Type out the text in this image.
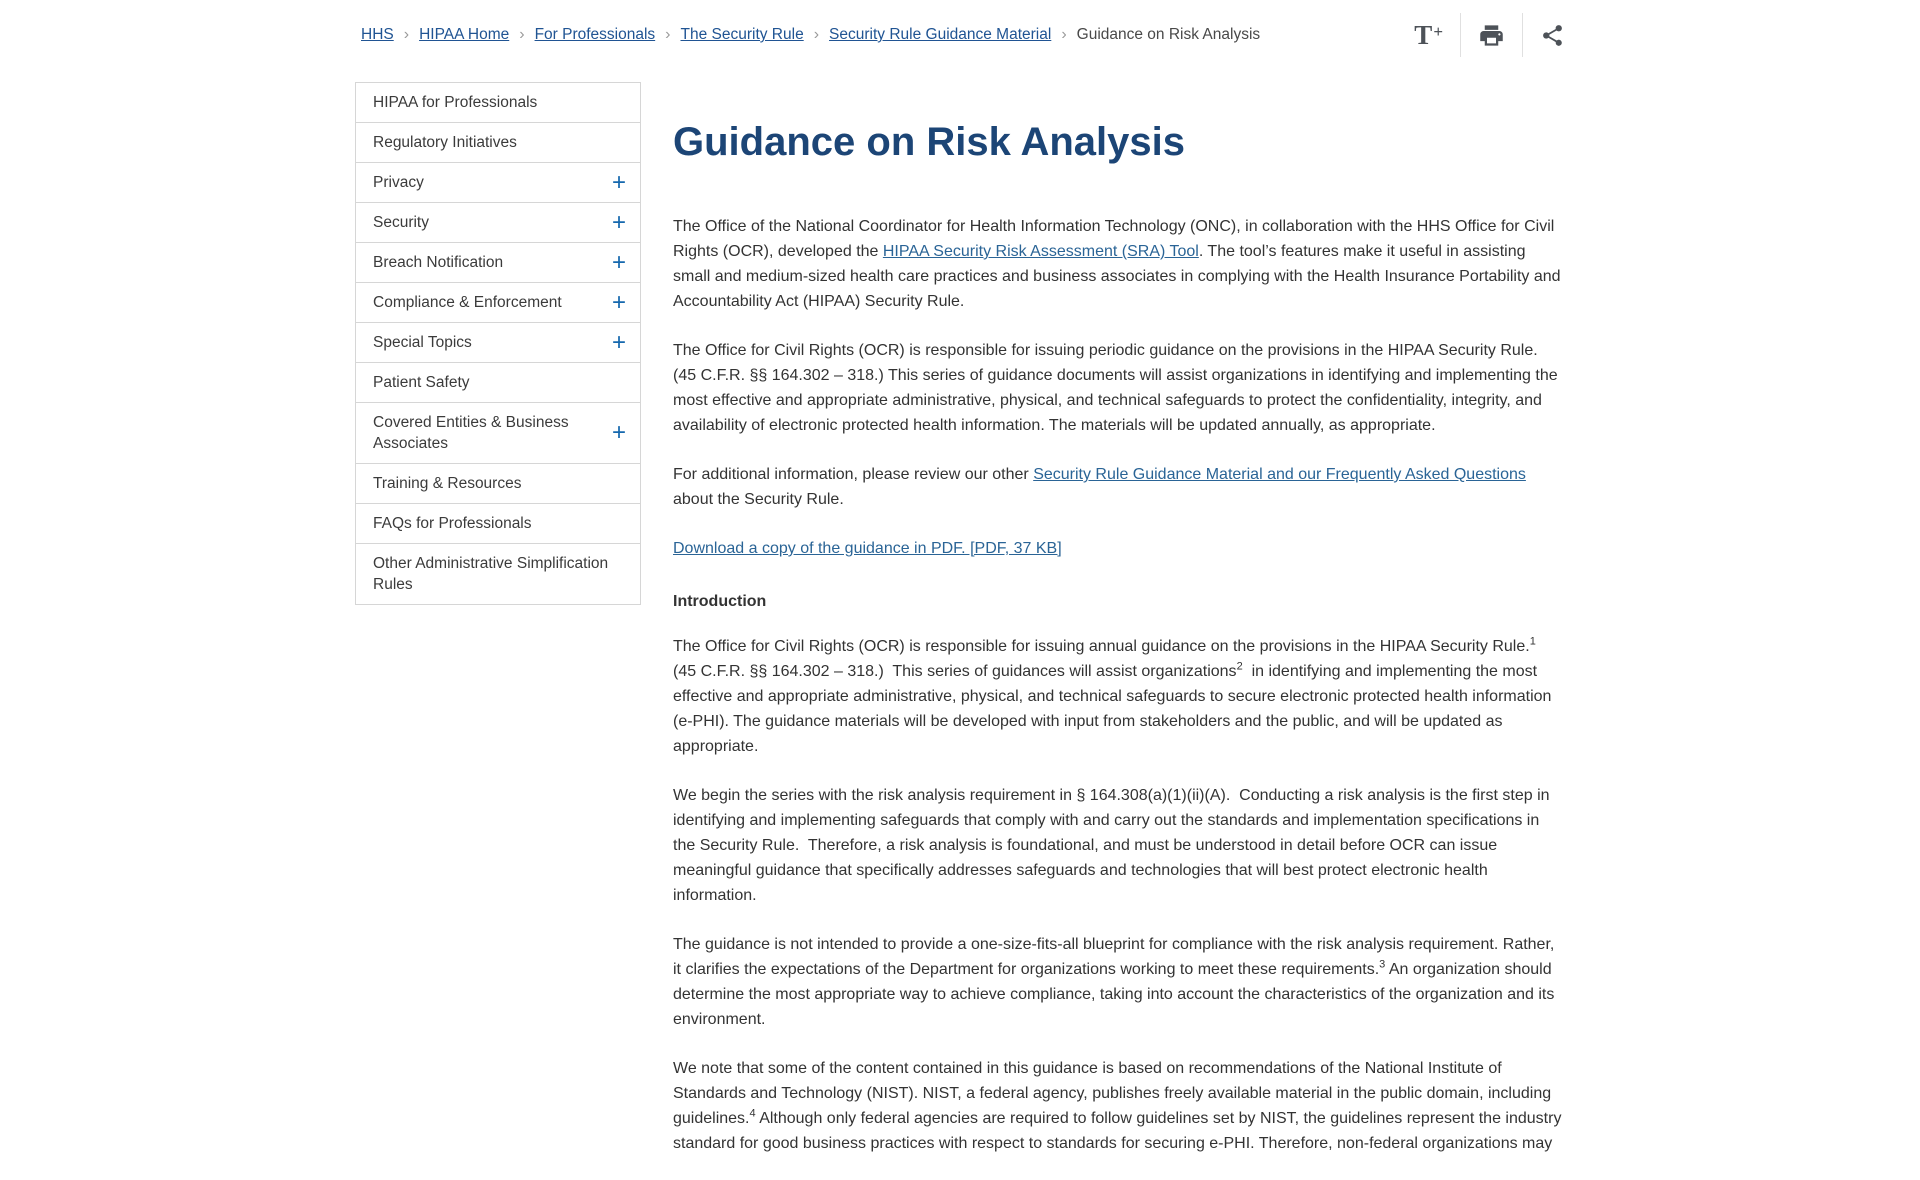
HHS › HIPAA Home › For Professionals › The Security Rule › Security Rule Guidance Material › Guidance on Risk Analysis	T+
HIPAA for Professionals
Regulatory Initiatives
Privacy	+
Security	+
Breach Notification	+
Compliance & Enforcement +
Special Topics	+
Patient Safety
Covered Entities & Business Associates	+
Training & Resources
FAQs for Professionals
Other Administrative Simplification Rules
Guidance on Risk Analysis

The Office of the National Coordinator for Health Information Technology (ONC), in collaboration with the HHS Office for Civil Rights (OCR), developed the HIPAA Security Risk Assessment (SRA) Tool. The tool’s features make it useful in assisting small and medium-sized health care practices and business associates in complying with the Health Insurance Portability and Accountability Act (HIPAA) Security Rule.

The Office for Civil Rights (OCR) is responsible for issuing periodic guidance on the provisions in the HIPAA Security Rule. (45 C.F.R. §§ 164.302 – 318.) This series of guidance documents will assist organizations in identifying and implementing the most effective and appropriate administrative, physical, and technical safeguards to protect the confidentiality, integrity, and availability of electronic protected health information. The materials will be updated annually, as appropriate.

For additional information, please review our other Security Rule Guidance Material and our Frequently Asked Questions about the Security Rule.

Download a copy of the guidance in PDF. [PDF, 37 KB]

Introduction

The Office for Civil Rights (OCR) is responsible for issuing annual guidance on the provisions in the HIPAA Security Rule.$^1$  (45 C.F.R. §§ 164.302 – 318.)  This series of guidances will assist organizations$^2$  in identifying and implementing the most effective and appropriate administrative, physical, and technical safeguards to secure electronic protected health information (e-PHI). The guidance materials will be developed with input from stakeholders and the public, and will be updated as appropriate.

We begin the series with the risk analysis requirement in § 164.308(a)(1)(ii)(A).  Conducting a risk analysis is the first step in identifying and implementing safeguards that comply with and carry out the standards and implementation specifications in the Security Rule.  Therefore, a risk analysis is foundational, and must be understood in detail before OCR can issue meaningful guidance that specifically addresses safeguards and technologies that will best protect electronic health information.

The guidance is not intended to provide a one-size-fits-all blueprint for compliance with the risk analysis requirement. Rather, it clarifies the expectations of the Department for organizations working to meet these requirements.$^3$ An organization should determine the most appropriate way to achieve compliance, taking into account the characteristics of the organization and its environment.

We note that some of the content contained in this guidance is based on recommendations of the National Institute of Standards and Technology (NIST). NIST, a federal agency, publishes freely available material in the public domain, including guidelines.$^4$ Although only federal agencies are required to follow guidelines set by NIST, the guidelines represent the industry standard for good business practices with respect to standards for securing e-PHI. Therefore, non-federal organizations may
